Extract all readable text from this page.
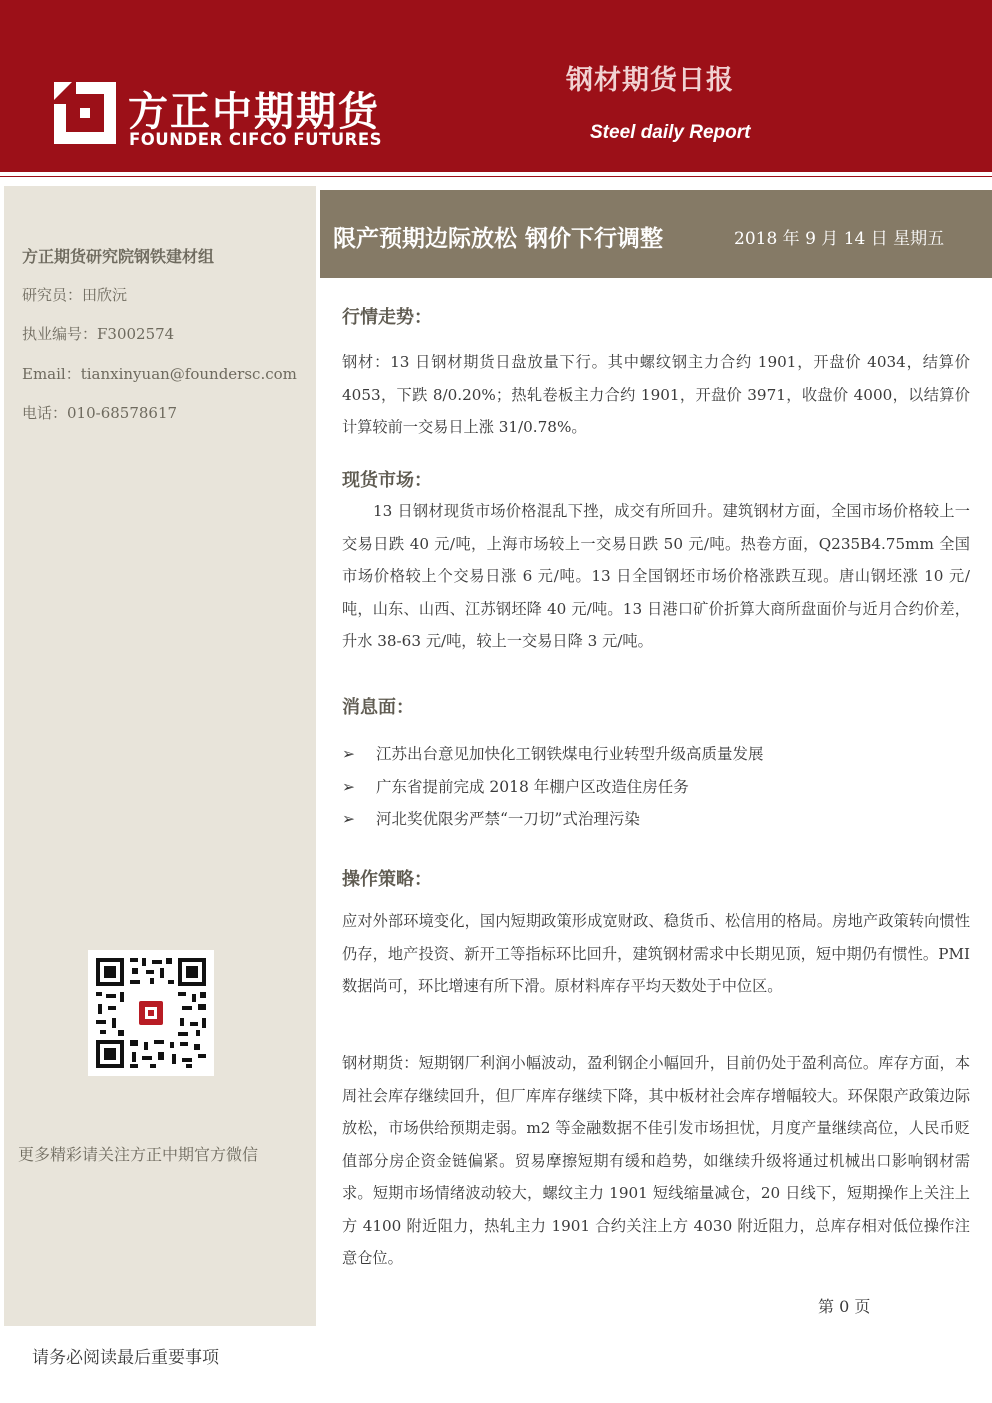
方正中期期货
FOUNDER CIFCO FUTURES
钢材期货日报
Steel daily Report
方正期货研究院钢铁建材组
研究员：田欣沅
执业编号：F3002574
Email：tianxinyuan@foundersc.com
电话：010-68578617
更多精彩请关注方正中期官方微信
限产预期边际放松 钢价下行调整	2018 年 9 月 14 日 星期五
行情走势：

钢材：13 日钢材期货日盘放量下行。其中螺纹钢主力合约 1901，开盘价 4034，结算价 4053，下跌 8/0.20%；热轧卷板主力合约 1901，开盘价 3971，收盘价 4000，以结算价计算较前一交易日上涨 31/0.78%。

现货市场：

13 日钢材现货市场价格混乱下挫，成交有所回升。建筑钢材方面，全国市场价格较上一交易日跌 40 元/吨，上海市场较上一交易日跌 50 元/吨。热卷方面，Q235B4.75mm 全国市场价格较上个交易日涨 6 元/吨。13 日全国钢坯市场价格涨跌互现。唐山钢坯涨 10 元/吨，山东、山西、江苏钢坯降 40 元/吨。13 日港口矿价折算大商所盘面价与近月合约价差，升水 38-63 元/吨，较上一交易日降 3 元/吨。

消息面：
➢ 江苏出台意见加快化工钢铁煤电行业转型升级高质量发展
➢ 广东省提前完成 2018 年棚户区改造住房任务
➢ 河北奖优限劣严禁“一刀切”式治理污染
操作策略：

应对外部环境变化，国内短期政策形成宽财政、稳货币、松信用的格局。房地产政策转向惯性仍存，地产投资、新开工等指标环比回升，建筑钢材需求中长期见顶，短中期仍有惯性。PMI 数据尚可，环比增速有所下滑。原材料库存平均天数处于中位区。

钢材期货：短期钢厂利润小幅波动，盈利钢企小幅回升，目前仍处于盈利高位。库存方面，本周社会库存继续回升，但厂库库存继续下降，其中板材社会库存增幅较大。环保限产政策边际放松，市场供给预期走弱。m2 等金融数据不佳引发市场担忧，月度产量继续高位，人民币贬值部分房企资金链偏紧。贸易摩擦短期有缓和趋势，如继续升级将通过机械出口影响钢材需求。短期市场情绪波动较大，螺纹主力 1901 短线缩量减仓，20 日线下，短期操作上关注上方 4100 附近阻力，热轧主力 1901 合约关注上方 4030 附近阻力，总库存相对低位操作注意仓位。

第 0 页
请务必阅读最后重要事项
